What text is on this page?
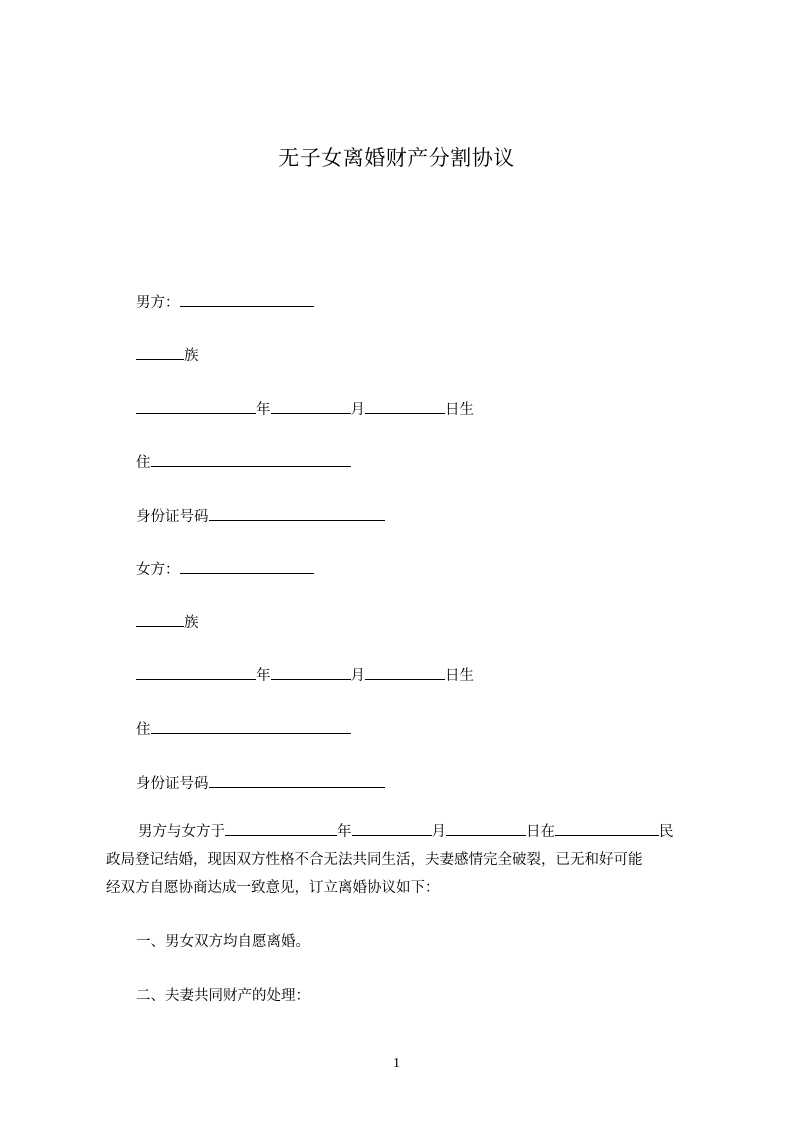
无子女离婚财产分割协议
男方：
族
年	月	日生
住
身份证号码
女方：
族
年	月	日生
住
身份证号码
男方与女方于	年	月	日在	民
政局登记结婚，现因双方性格不合无法共同生活，夫妻感情完全破裂，已无和好可能
经双方自愿协商达成一致意见，订立离婚协议如下：
一、男女双方均自愿离婚。
二、夫妻共同财产的处理：
1
